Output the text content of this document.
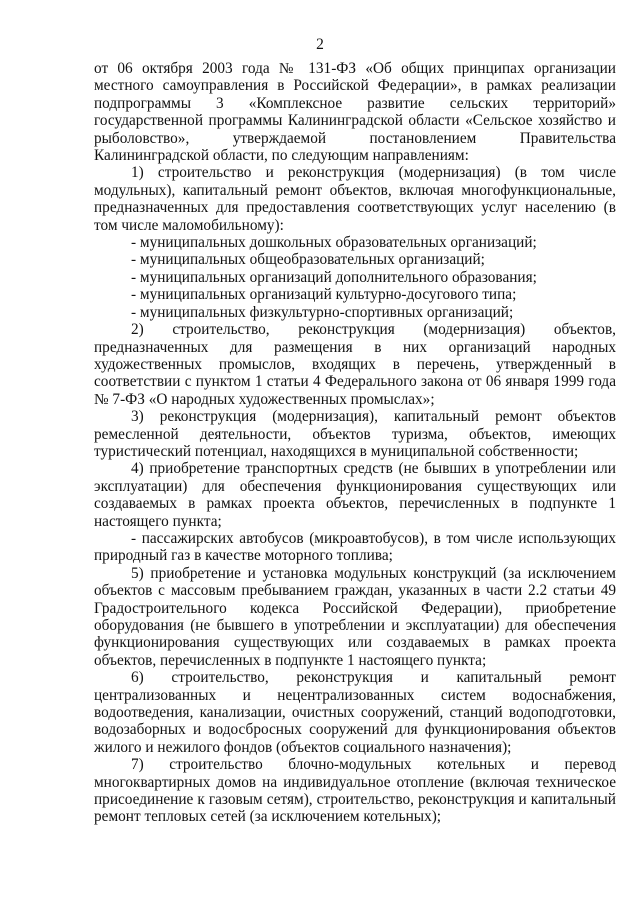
2

от 06 октября 2003 года № 131-ФЗ «Об общих принципах организации местного самоуправления в Российской Федерации», в рамках реализации подпрограммы 3 «Комплексное развитие сельских территорий» государственной программы Калининградской области «Сельское хозяйство и рыболовство», утверждаемой постановлением Правительства Калининградской области, по следующим направлениям:

1) строительство и реконструкция (модернизация) (в том числе модульных), капитальный ремонт объектов, включая многофункциональные, предназначенных для предоставления соответствующих услуг населению (в том числе маломобильному):

- муниципальных дошкольных образовательных организаций;

- муниципальных общеобразовательных организаций;

- муниципальных организаций дополнительного образования;

- муниципальных организаций культурно-досугового типа;

- муниципальных физкультурно-спортивных организаций;

2) строительство, реконструкция (модернизация) объектов, предназначенных для размещения в них организаций народных художественных промыслов, входящих в перечень, утвержденный в соответствии с пунктом 1 статьи 4 Федерального закона от 06 января 1999 года № 7-ФЗ «О народных художественных промыслах»;

3) реконструкция (модернизация), капитальный ремонт объектов ремесленной деятельности, объектов туризма, объектов, имеющих туристический потенциал, находящихся в муниципальной собственности;

4) приобретение транспортных средств (не бывших в употреблении или эксплуатации) для обеспечения функционирования существующих или создаваемых в рамках проекта объектов, перечисленных в подпункте 1 настоящего пункта;

- пассажирских автобусов (микроавтобусов), в том числе использующих природный газ в качестве моторного топлива;

5) приобретение и установка модульных конструкций (за исключением объектов с массовым пребыванием граждан, указанных в части 2.2 статьи 49 Градостроительного кодекса Российской Федерации), приобретение оборудования (не бывшего в употреблении и эксплуатации) для обеспечения функционирования существующих или создаваемых в рамках проекта объектов, перечисленных в подпункте 1 настоящего пункта;

6) строительство, реконструкция и капитальный ремонт централизованных и нецентрализованных систем водоснабжения, водоотведения, канализации, очистных сооружений, станций водоподготовки, водозаборных и водосбросных сооружений для функционирования объектов жилого и нежилого фондов (объектов социального назначения);

7) строительство блочно-модульных котельных и перевод многоквартирных домов на индивидуальное отопление (включая техническое присоединение к газовым сетям), строительство, реконструкция и капитальный ремонт тепловых сетей (за исключением котельных);
